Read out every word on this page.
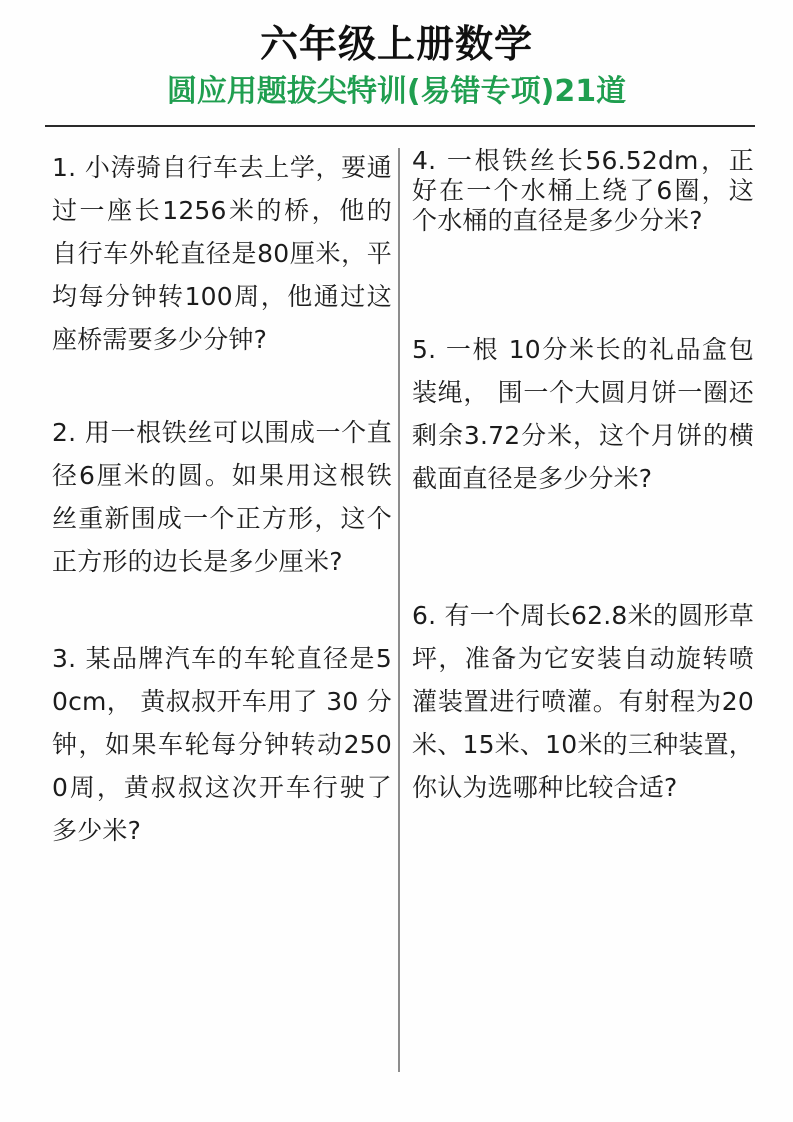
六年级上册数学
圆应用题拔尖特训(易错专项)21道
1. 小涛骑自行车去上学，要通过一座长1256米的桥，他的自行车外轮直径是80厘米，平均每分钟转100周，他通过这座桥需要多少分钟?
2. 用一根铁丝可以围成一个直径6厘米的圆。如果用这根铁丝重新围成一个正方形，这个正方形的边长是多少厘米?
3. 某品牌汽车的车轮直径是50cm， 黄叔叔开车用了 30 分钟，如果车轮每分钟转动2500周，黄叔叔这次开车行驶了多少米?
4. 一根铁丝长56.52dm，正好在一个水桶上绕了6圈，这个水桶的直径是多少分米?
5. 一根 10分米长的礼品盒包装绳， 围一个大圆月饼一圈还剩余3.72分米，这个月饼的横截面直径是多少分米?
6. 有一个周长62.8米的圆形草坪，准备为它安装自动旋转喷灌装置进行喷灌。有射程为20米、15米、10米的三种装置，你认为选哪种比较合适?
